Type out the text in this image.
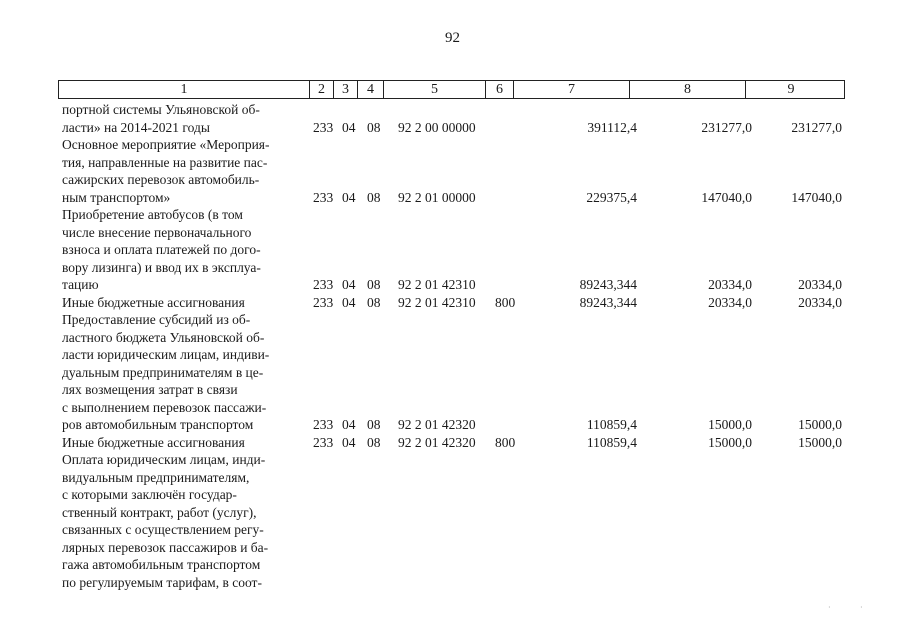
92
1	2	3	4	5	6	7	8	9
портной системы Ульяновской об-
ласти» на 2014-2021 годы	233 04 08 92 2 00 00000	391112,4	231277,0	231277,0
Основное мероприятие «Мероприя-
тия, направленные на развитие пас-
сажирских перевозок автомобиль-
ным транспортом»	233 04 08 92 2 01 00000	229375,4	147040,0	147040,0
Приобретение автобусов (в том
числе внесение первоначального
взноса и оплата платежей по дого-
вору лизинга) и ввод их в эксплуа-
тацию	233 04 08 92 2 01 42310	89243,344	20334,0	20334,0
Иные бюджетные ассигнования	233 04 08 92 2 01 42310 800	89243,344	20334,0	20334,0
Предоставление субсидий из об-
ластного бюджета Ульяновской об-
ласти юридическим лицам, индиви-
дуальным предпринимателям в це-
лях возмещения затрат в связи
с выполнением перевозок пассажи-
ров автомобильным транспортом	233 04 08 92 2 01 42320	110859,4	15000,0	15000,0
Иные бюджетные ассигнования	233 04 08 92 2 01 42320 800	110859,4	15000,0	15000,0
Оплата юридическим лицам, инди-
видуальным предпринимателям,
с которыми заключён государ-
ственный контракт, работ (услуг),
связанных с осуществлением регу-
лярных перевозок пассажиров и ба-
гажа автомобильным транспортом
по регулируемым тарифам, в соот-
·	·
